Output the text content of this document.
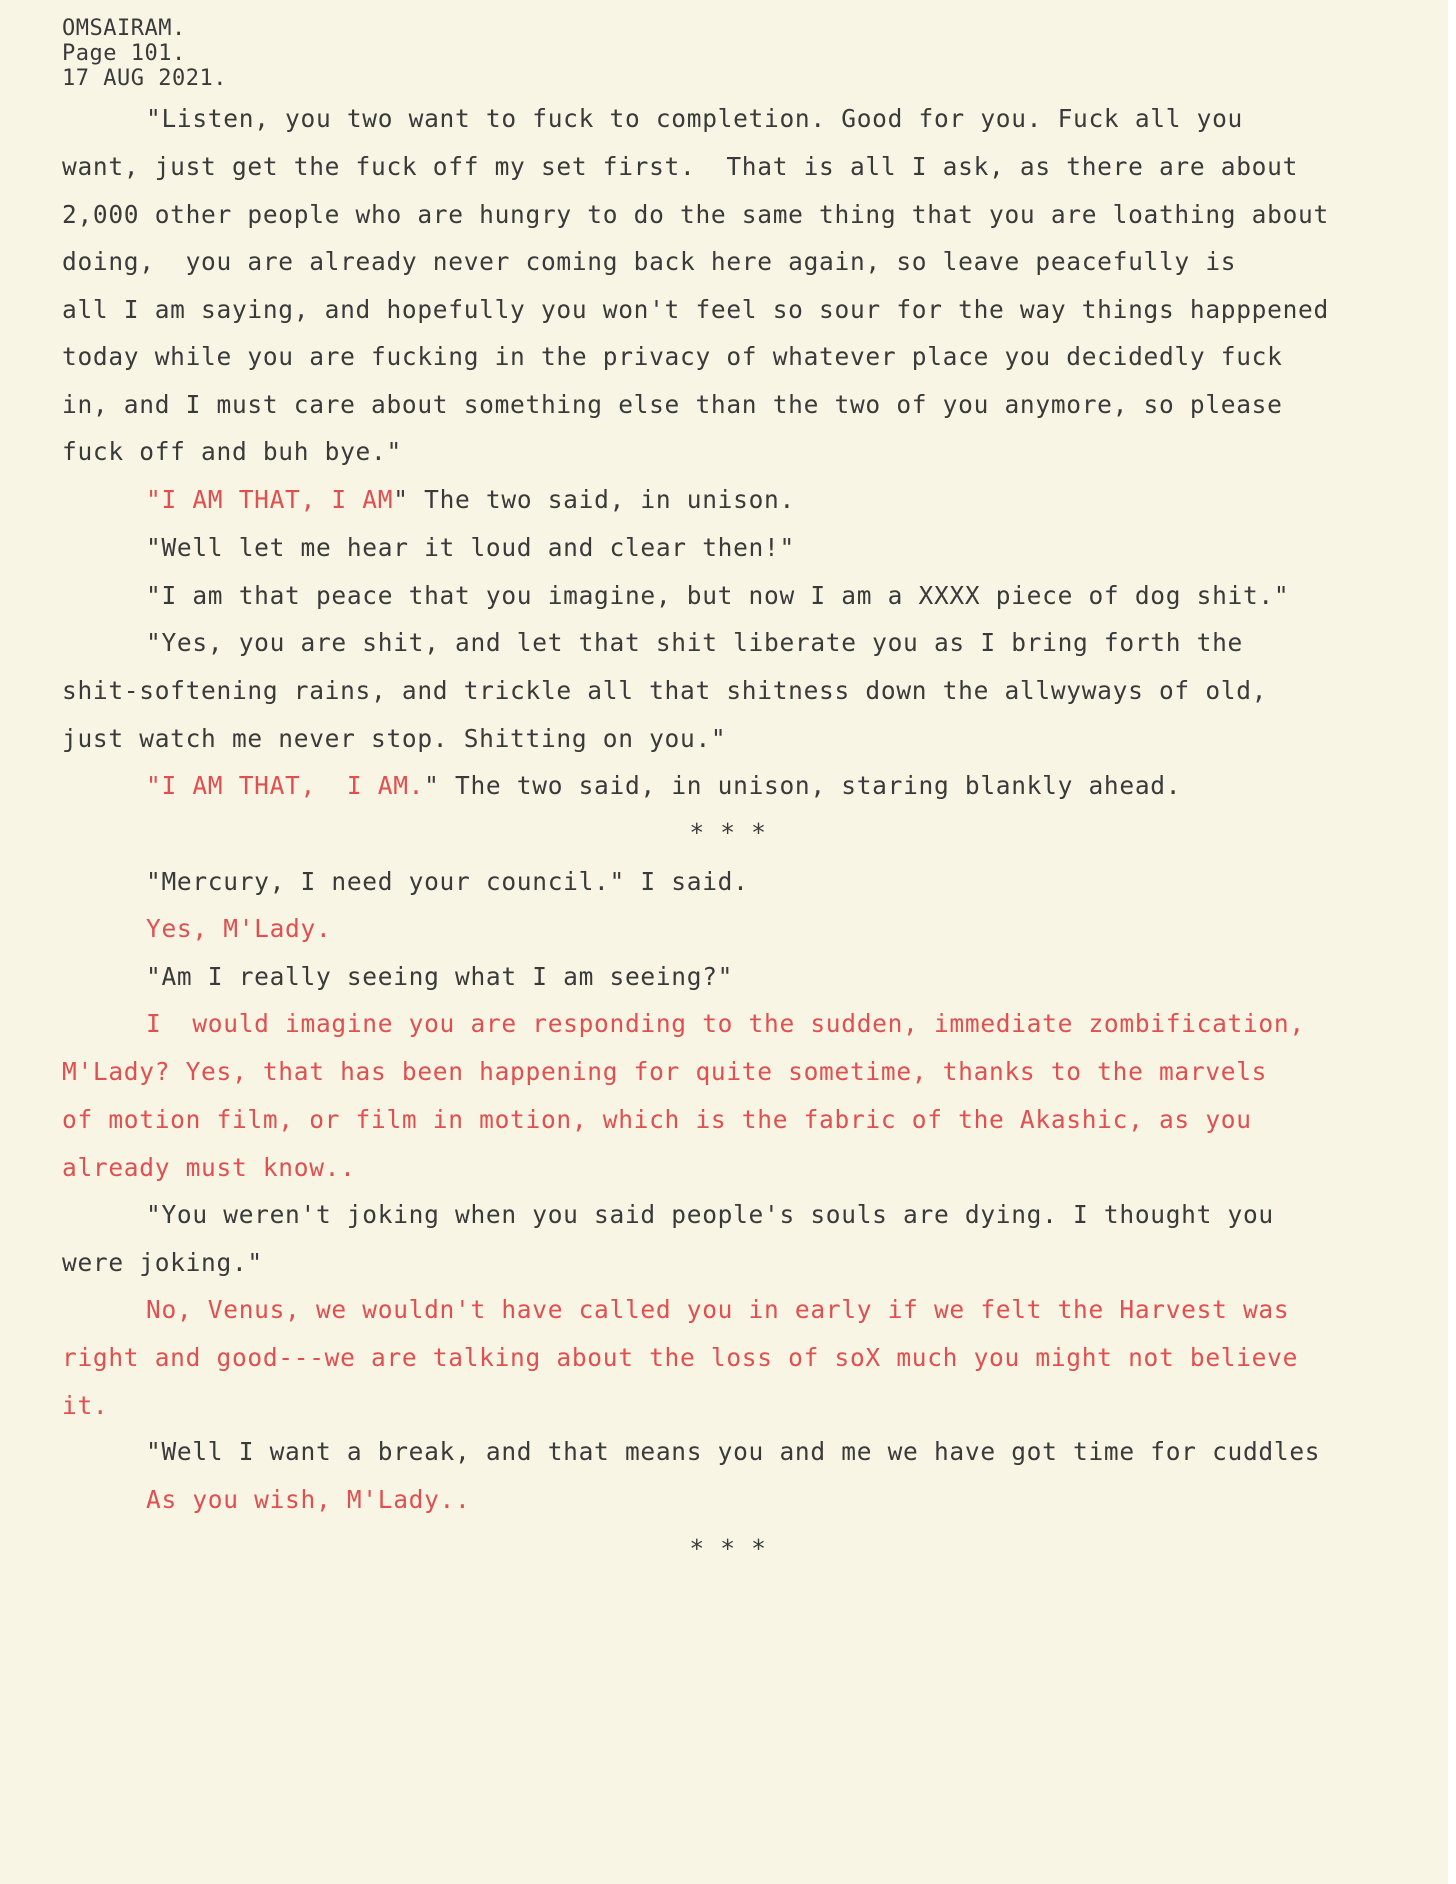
OMSAIRAM.
Page 101.
17 AUG 2021.
"Listen, you two want to fuck to completion. Good for you. Fuck all you
want, just get the fuck off my set first.  That is all I ask, as there are about
2,000 other people who are hungry to do the same thing that you are loathing about
doing,  you are already never coming back here again, so leave peacefully is
all I am saying, and hopefully you won't feel so sour for the way things happpened
today while you are fucking in the privacy of whatever place you decidedly fuck
in, and I must care about something else than the two of you anymore, so please
fuck off and buh bye."
"I AM THAT, I AM" The two said, in unison.
"Well let me hear it loud and clear then!"
"I am that peace that you imagine, but now I am a XXXX piece of dog shit."
"Yes, you are shit, and let that shit liberate you as I bring forth the
shit-softening rains, and trickle all that shitness down the allwyways of old,
just watch me never stop. Shitting on you."
"I AM THAT,  I AM." The two said, in unison, staring blankly ahead.
* * *
"Mercury, I need your council." I said.
Yes, M'Lady.
"Am I really seeing what I am seeing?"
I  would imagine you are responding to the sudden, immediate zombification,
M'Lady? Yes, that has been happening for quite sometime, thanks to the marvels
of motion film, or film in motion, which is the fabric of the Akashic, as you
already must know..
"You weren't joking when you said people's souls are dying. I thought you
were joking."
No, Venus, we wouldn't have called you in early if we felt the Harvest was
right and good---we are talking about the loss of soX much you might not believe
it.
"Well I want a break, and that means you and me we have got time for cuddles
As you wish, M'Lady..
* * *
